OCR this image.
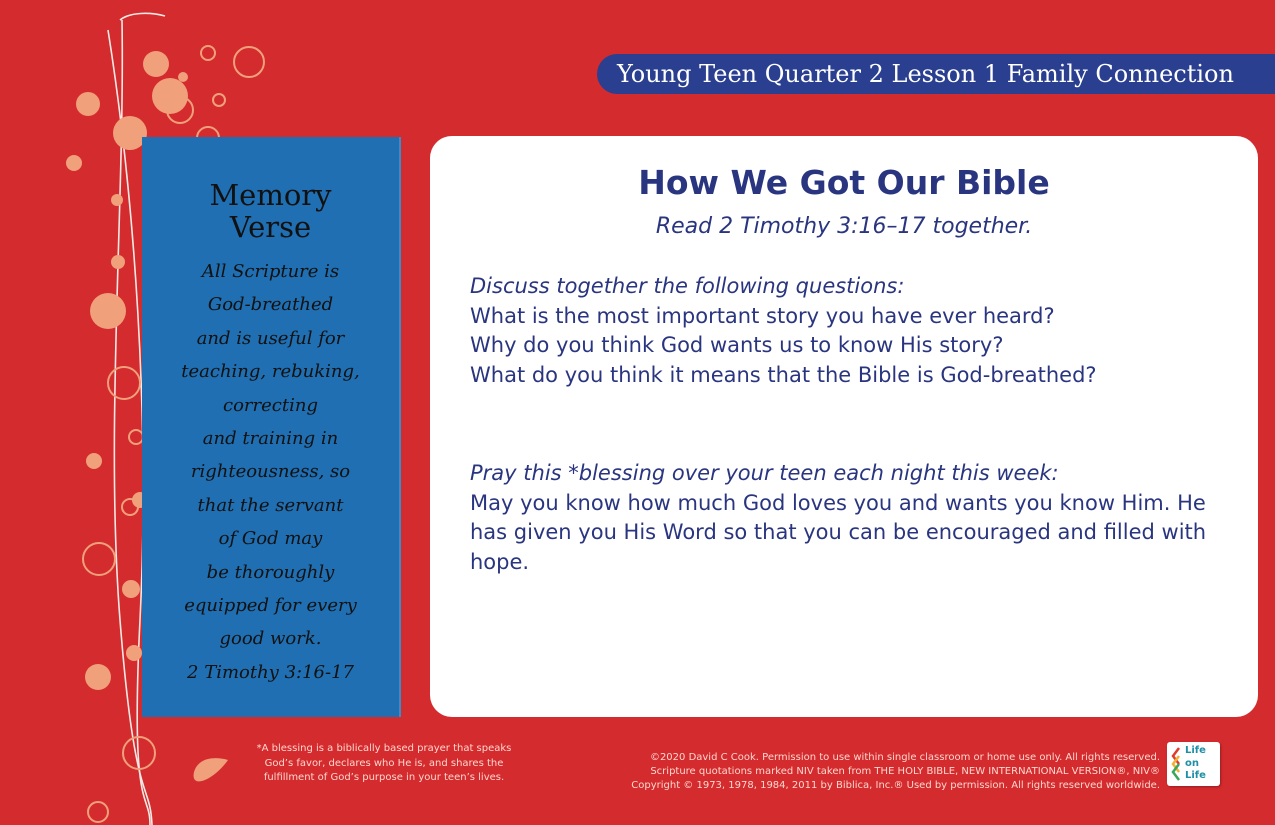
Young Teen Quarter 2 Lesson 1 Family Connection
Memory
Verse
All Scripture is
God-breathed
and is useful for
teaching, rebuking,
correcting
and training in
righteousness, so
that the servant
of God may
be thoroughly
equipped for every
good work.
2 Timothy 3:16-17
How We Got Our Bible
Read 2 Timothy 3:16–17 together.
Discuss together the following questions:
What is the most important story you have ever heard?
Why do you think God wants us to know His story?
What do you think it means that the Bible is God-breathed?
Pray this *blessing over your teen each night this week:
May you know how much God loves you and wants you know Him. He has given you His Word so that you can be encouraged and filled with hope.
*A blessing is a biblically based prayer that speaks God’s favor, declares who He is, and shares the fulfillment of God’s purpose in your teen’s lives.
©2020 David C Cook. Permission to use within single classroom or home use only. All rights reserved.
Scripture quotations marked NIV taken from THE HOLY BIBLE, NEW INTERNATIONAL VERSION®, NIV®
Copyright © 1973, 1978, 1984, 2011 by Biblica, Inc.® Used by permission. All rights reserved worldwide.
Life
on
Life
